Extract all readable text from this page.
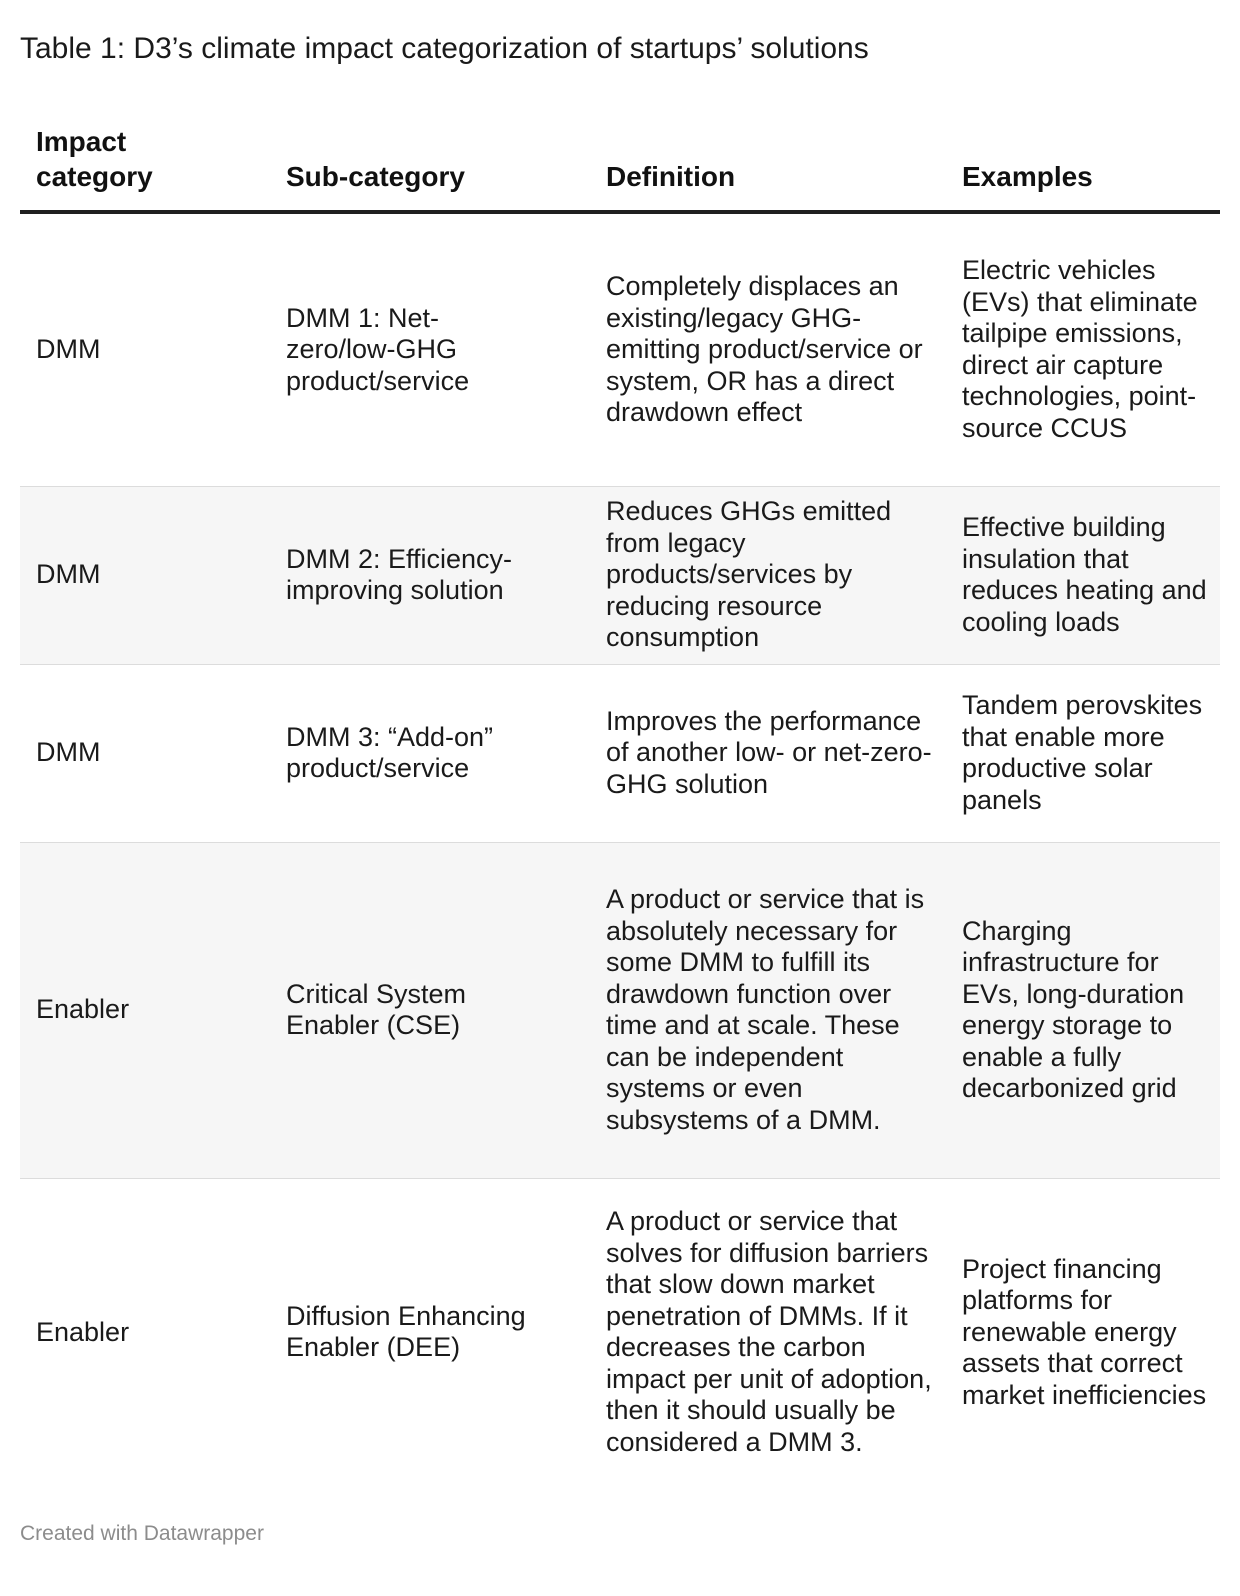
Table 1: D3’s climate impact categorization of startups’ solutions
Impact category	Sub-category	Definition	Examples
DMM	DMM 1: Net-zero/low-GHG product/service	Completely displaces an existing/legacy GHG-emitting product/service or system, OR has a direct drawdown effect	Electric vehicles (EVs) that eliminate tailpipe emissions, direct air capture technologies, point-source CCUS
DMM	DMM 2: Efficiency-improving solution	Reduces GHGs emitted from legacy products/services by reducing resource consumption	Effective building insulation that reduces heating and cooling loads
DMM	DMM 3: “Add-on” product/service	Improves the performance of another low- or net-zero-GHG solution	Tandem perovskites that enable more productive solar panels
Enabler	Critical System Enabler (CSE)	A product or service that is absolutely necessary for some DMM to fulfill its drawdown function over time and at scale. These can be independent systems or even subsystems of a DMM.	Charging infrastructure for EVs, long-duration energy storage to enable a fully decarbonized grid
Enabler	Diffusion Enhancing Enabler (DEE)	A product or service that solves for diffusion barriers that slow down market penetration of DMMs. If it decreases the carbon impact per unit of adoption, then it should usually be considered a DMM 3.	Project financing platforms for renewable energy assets that correct market inefficiencies
Created with Datawrapper
